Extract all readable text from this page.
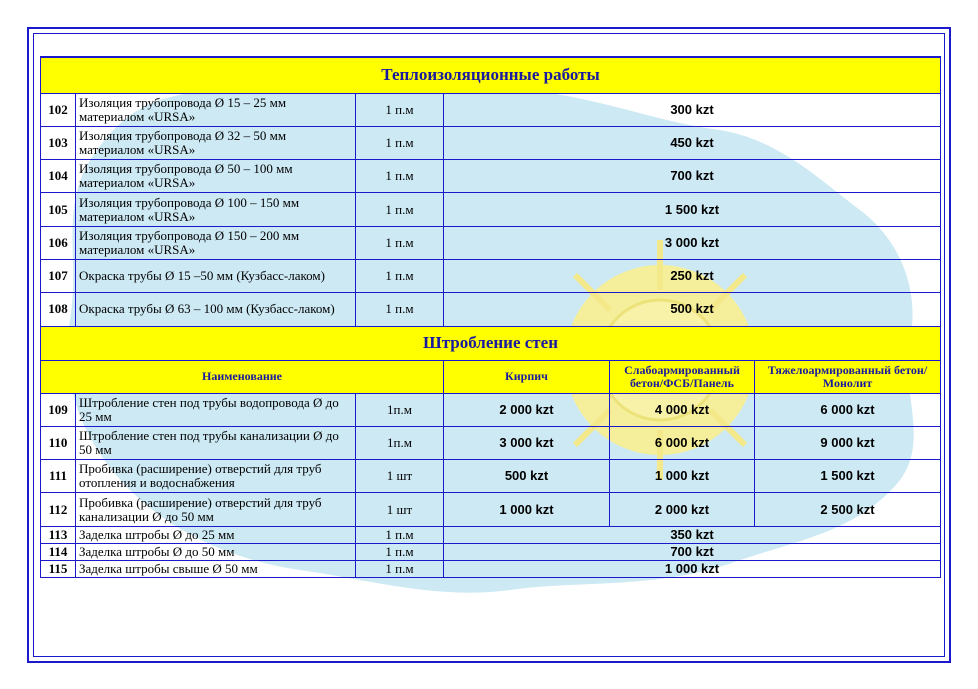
Теплоизоляционные работы					
102	Изоляция трубопровода Ø 15 – 25 мм материалом «URSA»	1 п.м	300 kzt		
103	Изоляция трубопровода Ø 32 – 50 мм материалом «URSA»	1 п.м	450 kzt		
104	Изоляция трубопровода Ø 50 – 100 мм материалом «URSA»	1 п.м	700 kzt		
105	Изоляция трубопровода Ø 100 – 150 мм материалом «URSA»	1 п.м	1 500 kzt		
106	Изоляция трубопровода Ø 150 – 200 мм материалом «URSA»	1 п.м	3 000 kzt		
107	Окраска трубы Ø 15 –50 мм (Кузбасс-лаком)	1 п.м	250 kzt		
108	Окраска трубы Ø 63 – 100 мм (Кузбасс-лаком)	1 п.м	500 kzt		
Штробление стен					
Наименование			Кирпич	Слабоармированный бетон/ФСБ/Панель	Тяжелоармированный бетон/Монолит
109	Штробление стен под трубы водопровода Ø до 25 мм	1п.м	2 000 kzt	4 000 kzt	6 000 kzt
110	Штробление стен под трубы канализации Ø до 50 мм	1п.м	3 000 kzt	6 000 kzt	9 000 kzt
111	Пробивка (расширение) отверстий для труб отопления и водоснабжения	1 шт	500 kzt	1 000 kzt	1 500 kzt
112	Пробивка (расширение) отверстий для труб канализации Ø до 50 мм	1 шт	1 000 kzt	2 000 kzt	2 500 kzt
113	Заделка штробы Ø до 25 мм	1 п.м	350 kzt		
114	Заделка штробы Ø до 50 мм	1 п.м	700 kzt		
115	Заделка штробы свыше Ø 50 мм	1 п.м	1 000 kzt		
